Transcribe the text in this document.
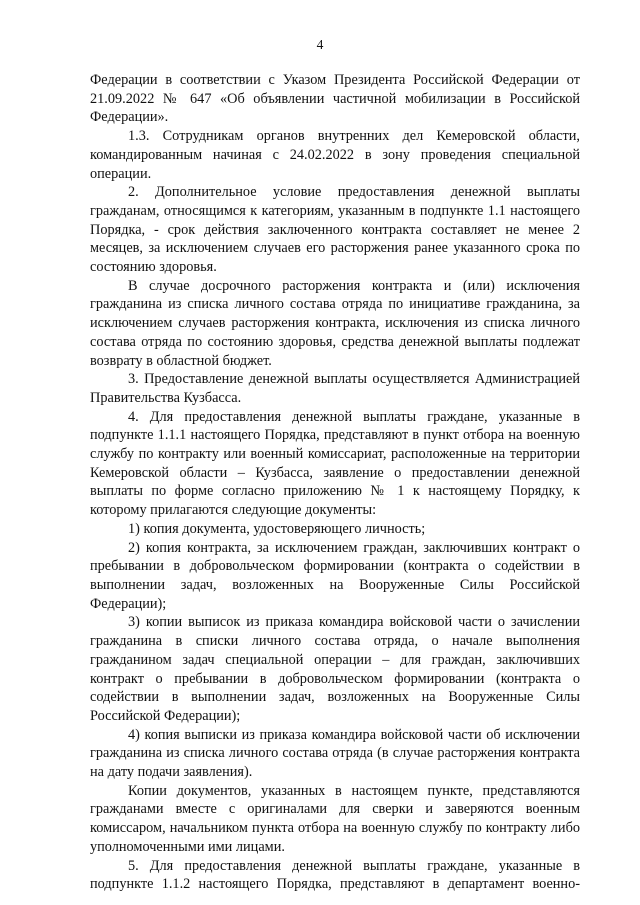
4

Федерации в соответствии с Указом Президента Российской Федерации от 21.09.2022 № 647 «Об объявлении частичной мобилизации в Российской Федерации».

1.3. Сотрудникам органов внутренних дел Кемеровской области, командированным начиная с 24.02.2022 в зону проведения специальной операции.

2. Дополнительное условие предоставления денежной выплаты гражданам, относящимся к категориям, указанным в подпункте 1.1 настоящего Порядка, - срок действия заключенного контракта составляет не менее 2 месяцев, за исключением случаев его расторжения ранее указанного срока по состоянию здоровья.

В случае досрочного расторжения контракта и (или) исключения гражданина из списка личного состава отряда по инициативе гражданина, за исключением случаев расторжения контракта, исключения из списка личного состава отряда по состоянию здоровья, средства денежной выплаты подлежат возврату в областной бюджет.

3. Предоставление денежной выплаты осуществляется Администрацией Правительства Кузбасса.

4. Для предоставления денежной выплаты граждане, указанные в подпункте 1.1.1 настоящего Порядка, представляют в пункт отбора на военную службу по контракту или военный комиссариат, расположенные на территории Кемеровской области – Кузбасса, заявление о предоставлении денежной выплаты по форме согласно приложению № 1 к настоящему Порядку, к которому прилагаются следующие документы:

1) копия документа, удостоверяющего личность;

2) копия контракта, за исключением граждан, заключивших контракт о пребывании в добровольческом формировании (контракта о содействии в выполнении задач, возложенных на Вооруженные Силы Российской Федерации);

3) копии выписок из приказа командира войсковой части о зачислении гражданина в списки личного состава отряда, о начале выполнения гражданином задач специальной операции – для граждан, заключивших контракт о пребывании в добровольческом формировании (контракта о содействии в выполнении задач, возложенных на Вооруженные Силы Российской Федерации);

4) копия выписки из приказа командира войсковой части об исключении гражданина из списка личного состава отряда (в случае расторжения контракта на дату подачи заявления).

Копии документов, указанных в настоящем пункте, представляются гражданами вместе с оригиналами для сверки и заверяются военным комиссаром, начальником пункта отбора на военную службу по контракту либо уполномоченными ими лицами.

5. Для предоставления денежной выплаты граждане, указанные в подпункте 1.1.2 настоящего Порядка, представляют в департамент военно-
